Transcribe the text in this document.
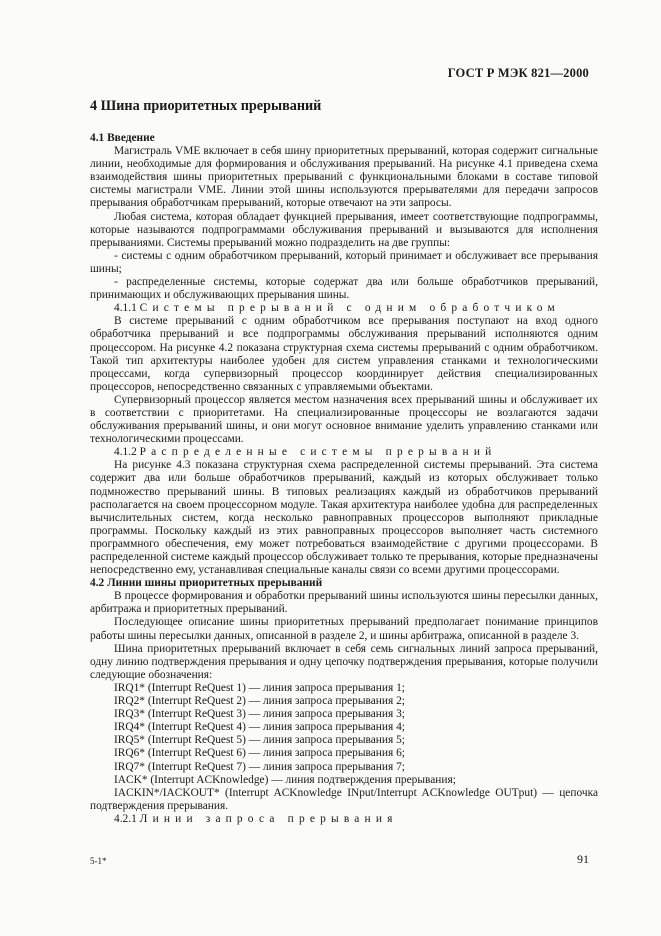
ГОСТ Р МЭК 821—2000
4 Шина приоритетных прерываний
4.1 Введение

Магистраль VME включает в себя шину приоритетных прерываний, которая содержит сигнальные линии, необходимые для формирования и обслуживания прерываний. На рисунке 4.1 приведена схема взаимодействия шины приоритетных прерываний с функциональными блоками в составе типовой системы магистрали VME. Линии этой шины используются прерывателями для передачи запросов прерывания обработчикам прерываний, которые отвечают на эти запросы.

Любая система, которая обладает функцией прерывания, имеет соответствующие подпрограммы, которые называются подпрограммами обслуживания прерываний и вызываются для исполнения прерываниями. Системы прерываний можно подразделить на две группы:

- системы с одним обработчиком прерываний, который принимает и обслуживает все прерывания шины;

- распределенные системы, которые содержат два или больше обработчиков прерываний, принимающих и обслуживающих прерывания шины.

4.1.1 Системы прерываний с одним обработчиком

В системе прерываний с одним обработчиком все прерывания поступают на вход одного обработчика прерываний и все подпрограммы обслуживания прерываний исполняются одним процессором. На рисунке 4.2 показана структурная схема системы прерываний с одним обработчиком. Такой тип архитектуры наиболее удобен для систем управления станками и технологическими процессами, когда супервизорный процессор координирует действия специализированных процессоров, непосредственно связанных с управляемыми объектами.

Супервизорный процессор является местом назначения всех прерываний шины и обслуживает их в соответствии с приоритетами. На специализированные процессоры не возлагаются задачи обслуживания прерываний шины, и они могут основное внимание уделить управлению станками или технологическими процессами.

4.1.2 Распределенные системы прерываний

На рисунке 4.3 показана структурная схема распределенной системы прерываний. Эта система содержит два или больше обработчиков прерываний, каждый из которых обслуживает только подмножество прерываний шины. В типовых реализациях каждый из обработчиков прерываний располагается на своем процессорном модуле. Такая архитектура наиболее удобна для распределенных вычислительных систем, когда несколько равноправных процессоров выполняют прикладные программы. Поскольку каждый из этих равноправных процессоров выполняет часть системного программного обеспечения, ему может потребоваться взаимодействие с другими процессорами. В распределенной системе каждый процессор обслуживает только те прерывания, которые предназначены непосредственно ему, устанавливая специальные каналы связи со всеми другими процессорами.

4.2 Линии шины приоритетных прерываний

В процессе формирования и обработки прерываний шины используются шины пересылки данных, арбитража и приоритетных прерываний.

Последующее описание шины приоритетных прерываний предполагает понимание принципов работы шины пересылки данных, описанной в разделе 2, и шины арбитража, описанной в разделе 3.

Шина приоритетных прерываний включает в себя семь сигнальных линий запроса прерываний, одну линию подтверждения прерывания и одну цепочку подтверждения прерывания, которые получили следующие обозначения:

IRQ1* (Interrupt ReQuest 1) — линия запроса прерывания 1;

IRQ2* (Interrupt ReQuest 2) — линия запроса прерывания 2;

IRQ3* (Interrupt ReQuest 3) — линия запроса прерывания 3;

IRQ4* (Interrupt ReQuest 4) — линия запроса прерывания 4;

IRQ5* (Interrupt ReQuest 5) — линия запроса прерывания 5;

IRQ6* (Interrupt ReQuest 6) — линия запроса прерывания 6;

IRQ7* (Interrupt ReQuest 7) — линия запроса прерывания 7;

IACK* (Interrupt ACKnowledge) — линия подтверждения прерывания;

IACKIN*/IACKOUT* (Interrupt ACKnowledge INput/Interrupt ACKnowledge OUTput) — цепочка подтверждения прерывания.

4.2.1 Линии запроса прерывания

5-1*	91
